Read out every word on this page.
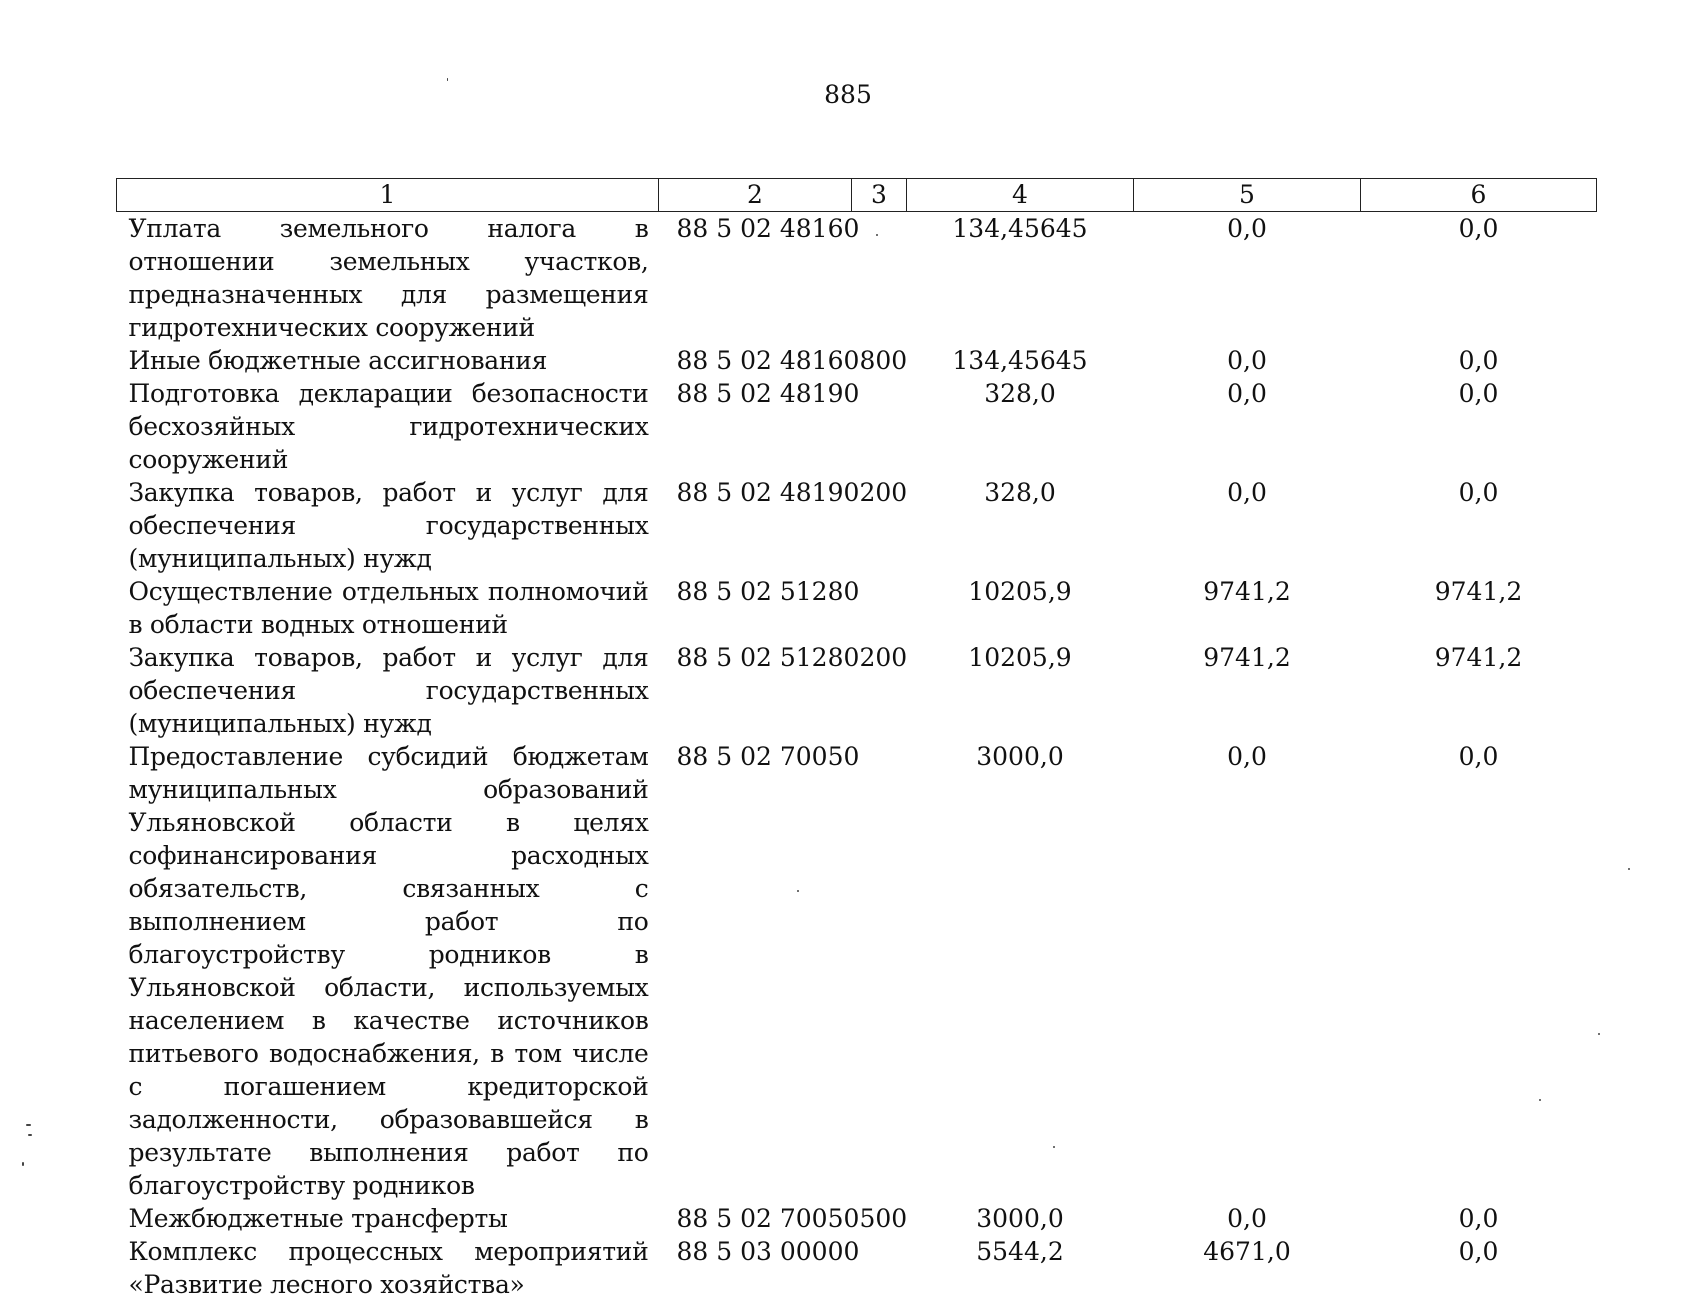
885
1	2	3	4	5	6
Уплата земельного налога в отношении земельных участков, предназначенных для размещения гидротехнических сооружений	88 5 02 48160		134,45645	0,0	0,0
Иные бюджетные ассигнования	88 5 02 48160	800	134,45645	0,0	0,0
Подготовка декларации безопасности бесхозяйных гидротехнических сооружений	88 5 02 48190		328,0	0,0	0,0
Закупка товаров, работ и услуг для обеспечения государственных (муниципальных) нужд	88 5 02 48190	200	328,0	0,0	0,0
Осуществление отдельных полномочий в области водных отношений	88 5 02 51280		10205,9	9741,2	9741,2
Закупка товаров, работ и услуг для обеспечения государственных (муниципальных) нужд	88 5 02 51280	200	10205,9	9741,2	9741,2
Предоставление субсидий бюджетам муниципальных образований Ульяновской области в целях софинансирования расходных обязательств, связанных с выполнением работ по благоустройству родников в Ульяновской области, используемых населением в качестве источников питьевого водоснабжения, в том числе с погашением кредиторской задолженности, образовавшейся в результате выполнения работ по благоустройству родников	88 5 02 70050		3000,0	0,0	0,0
Межбюджетные трансферты	88 5 02 70050	500	3000,0	0,0	0,0
Комплекс процессных мероприятий «Развитие лесного хозяйства»	88 5 03 00000		5544,2	4671,0	0,0
